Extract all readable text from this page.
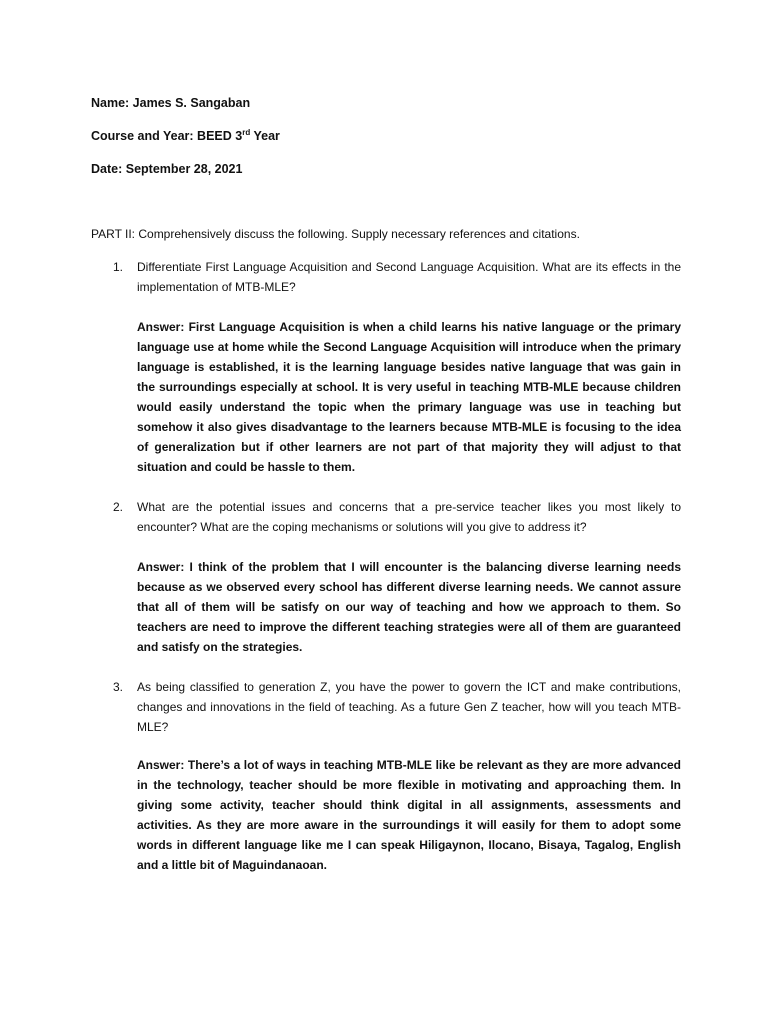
Name: James S. Sangaban
Course and Year: BEED 3rd Year
Date: September 28, 2021
PART II: Comprehensively discuss the following. Supply necessary references and citations.
1. Differentiate First Language Acquisition and Second Language Acquisition. What are its effects in the implementation of MTB-MLE?

Answer: First Language Acquisition is when a child learns his native language or the primary language use at home while the Second Language Acquisition will introduce when the primary language is established, it is the learning language besides native language that was gain in the surroundings especially at school. It is very useful in teaching MTB-MLE because children would easily understand the topic when the primary language was use in teaching but somehow it also gives disadvantage to the learners because MTB-MLE is focusing to the idea of generalization but if other learners are not part of that majority they will adjust to that situation and could be hassle to them.

2. What are the potential issues and concerns that a pre-service teacher likes you most likely to encounter? What are the coping mechanisms or solutions will you give to address it?

Answer: I think of the problem that I will encounter is the balancing diverse learning needs because as we observed every school has different diverse learning needs. We cannot assure that all of them will be satisfy on our way of teaching and how we approach to them. So teachers are need to improve the different teaching strategies were all of them are guaranteed and satisfy on the strategies.

3. As being classified to generation Z, you have the power to govern the ICT and make contributions, changes and innovations in the field of teaching. As a future Gen Z teacher, how will you teach MTB-MLE?

Answer: There’s a lot of ways in teaching MTB-MLE like be relevant as they are more advanced in the technology, teacher should be more flexible in motivating and approaching them. In giving some activity, teacher should think digital in all assignments, assessments and activities. As they are more aware in the surroundings it will easily for them to adopt some words in different language like me I can speak Hiligaynon, Ilocano, Bisaya, Tagalog, English and a little bit of Maguindanaoan.
